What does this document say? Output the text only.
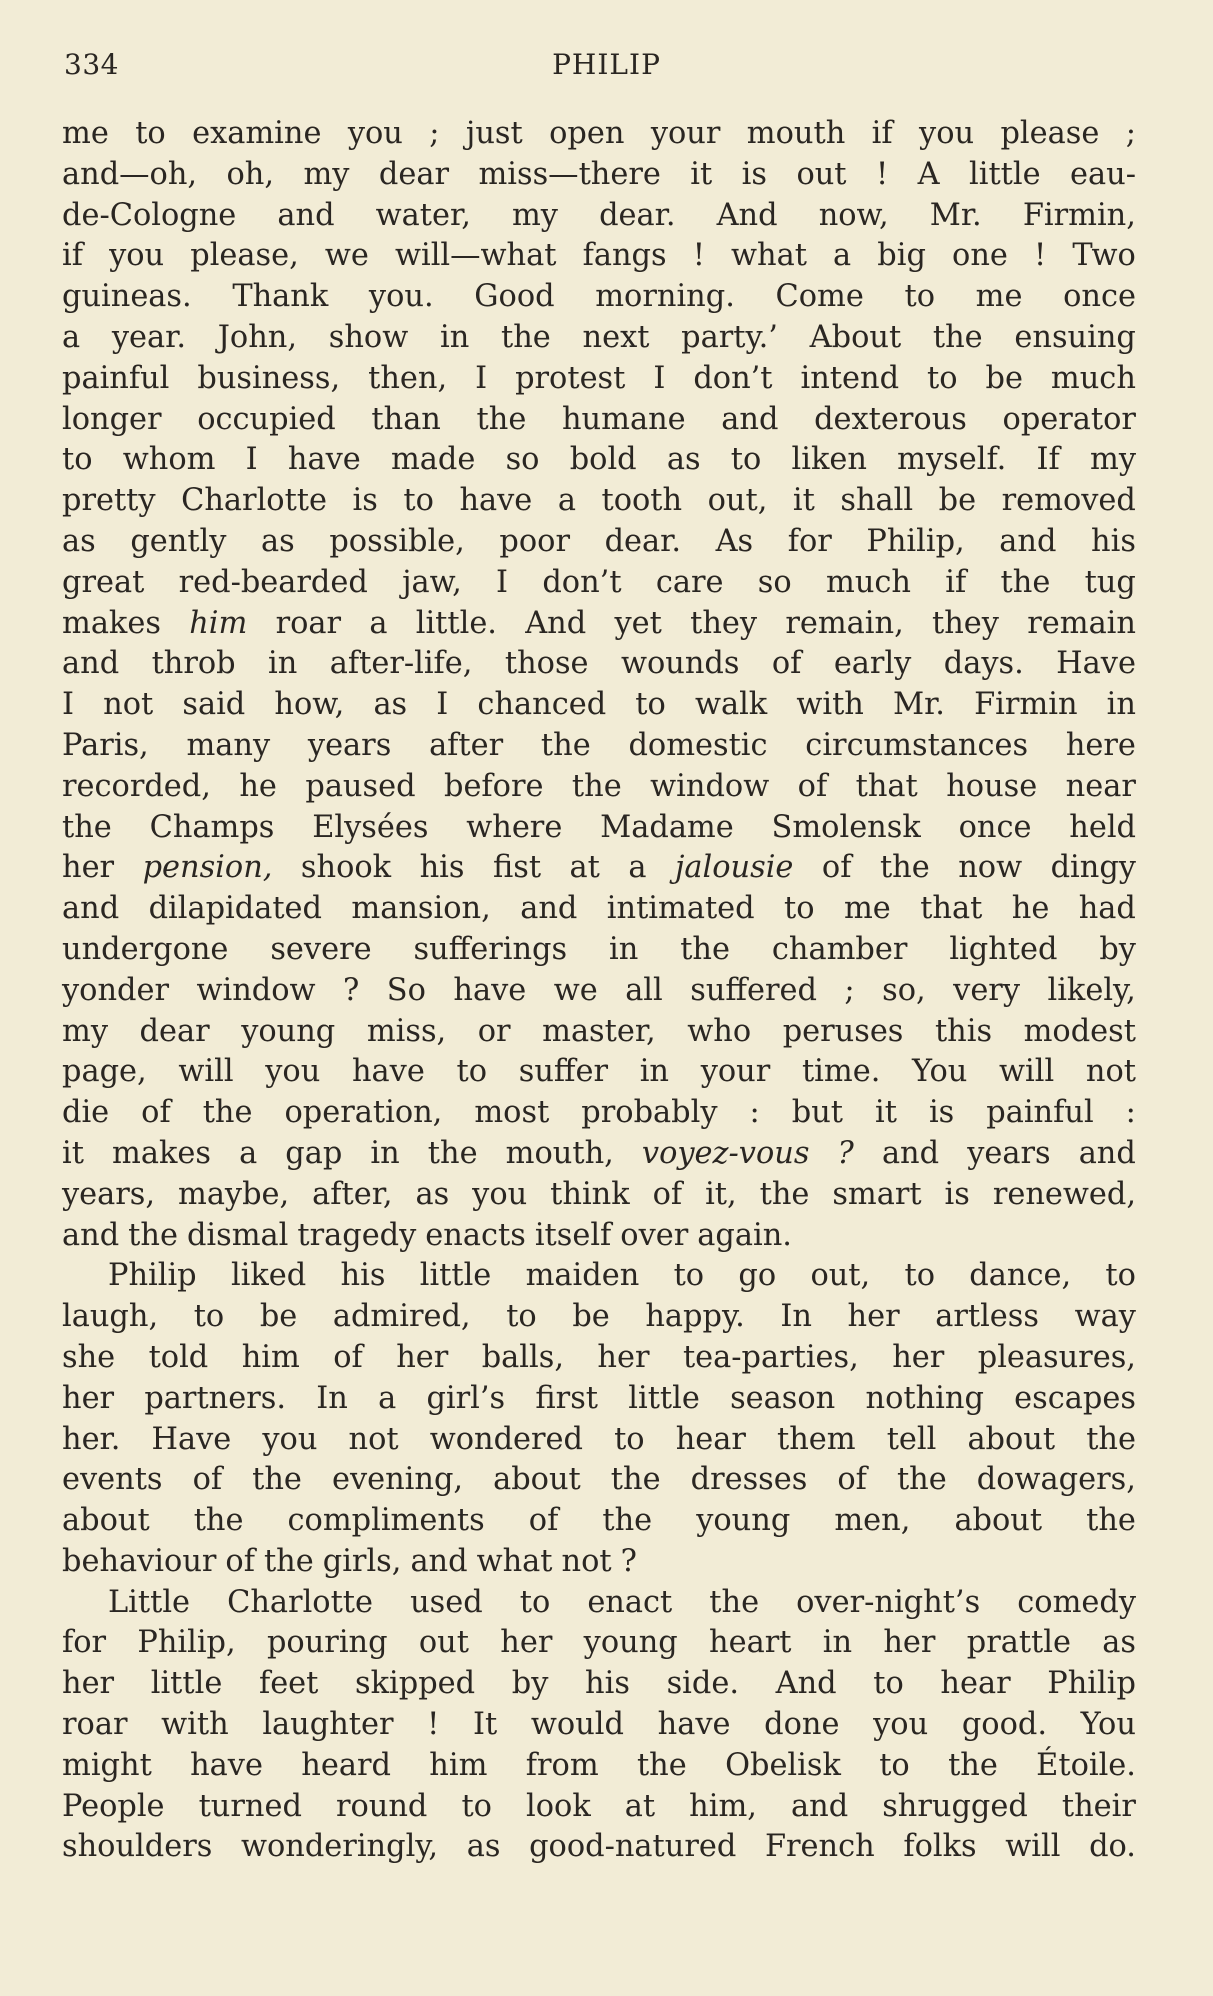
334	PHILIP
me to examine you ; just open your mouth if you please ;
and—oh, oh, my dear miss—there it is out ! A little eau-
de-Cologne and water, my dear. And now, Mr. Firmin,
if you please, we will—what fangs ! what a big one ! Two
guineas. Thank you. Good morning. Come to me once
a year. John, show in the next party.’ About the ensuing
painful business, then, I protest I don’t intend to be much
longer occupied than the humane and dexterous operator
to whom I have made so bold as to liken myself. If my
pretty Charlotte is to have a tooth out, it shall be removed
as gently as possible, poor dear. As for Philip, and his
great red-bearded jaw, I don’t care so much if the tug
makes him roar a little. And yet they remain, they remain
and throb in after-life, those wounds of early days. Have
I not said how, as I chanced to walk with Mr. Firmin in
Paris, many years after the domestic circumstances here
recorded, he paused before the window of that house near
the Champs Elysées where Madame Smolensk once held
her pension, shook his fist at a jalousie of the now dingy
and dilapidated mansion, and intimated to me that he had
undergone severe sufferings in the chamber lighted by
yonder window ? So have we all suffered ; so, very likely,
my dear young miss, or master, who peruses this modest
page, will you have to suffer in your time. You will not
die of the operation, most probably : but it is painful :
it makes a gap in the mouth, voyez-vous ? and years and
years, maybe, after, as you think of it, the smart is renewed,
and the dismal tragedy enacts itself over again.
Philip liked his little maiden to go out, to dance, to
laugh, to be admired, to be happy. In her artless way
she told him of her balls, her tea-parties, her pleasures,
her partners. In a girl’s first little season nothing escapes
her. Have you not wondered to hear them tell about the
events of the evening, about the dresses of the dowagers,
about the compliments of the young men, about the
behaviour of the girls, and what not ?
Little Charlotte used to enact the over-night’s comedy
for Philip, pouring out her young heart in her prattle as
her little feet skipped by his side. And to hear Philip
roar with laughter ! It would have done you good. You
might have heard him from the Obelisk to the Étoile.
People turned round to look at him, and shrugged their
shoulders wonderingly, as good-natured French folks will do.
